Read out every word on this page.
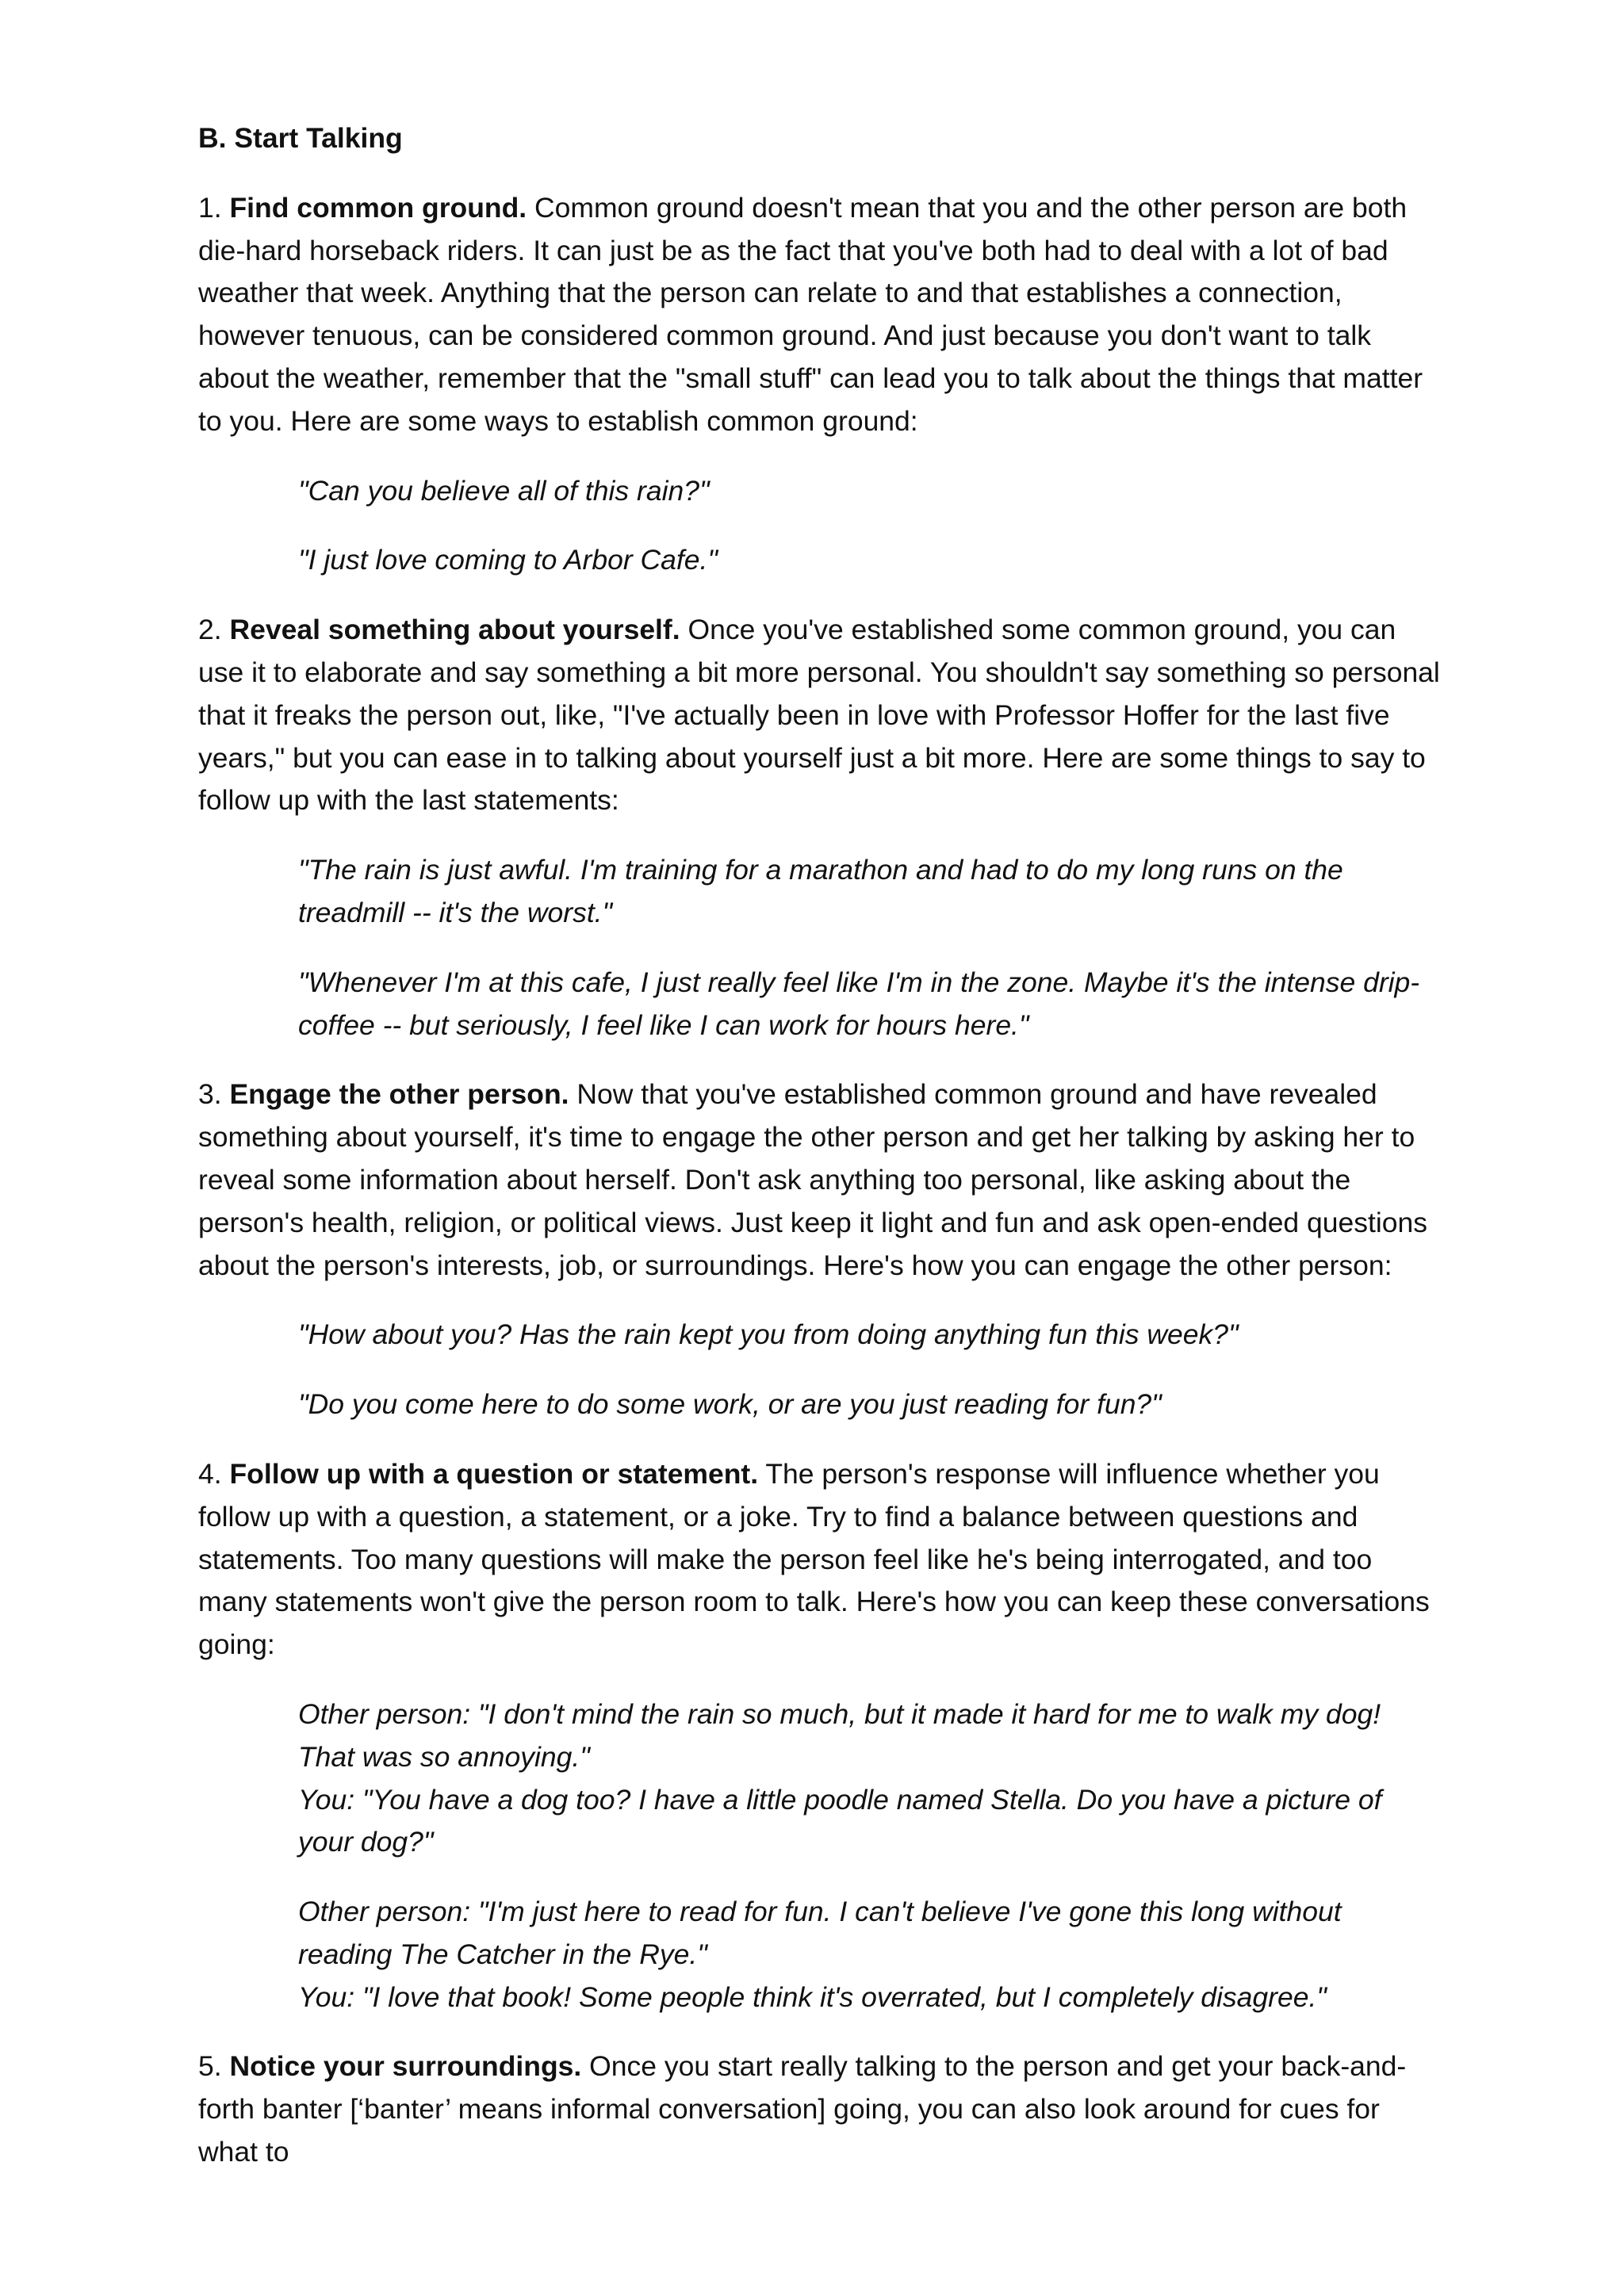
B. Start Talking
1. Find common ground. Common ground doesn't mean that you and the other person are both die-hard horseback riders. It can just be as the fact that you've both had to deal with a lot of bad weather that week. Anything that the person can relate to and that establishes a connection, however tenuous, can be considered common ground. And just because you don't want to talk about the weather, remember that the "small stuff" can lead you to talk about the things that matter to you. Here are some ways to establish common ground:
"Can you believe all of this rain?"
"I just love coming to Arbor Cafe."
2. Reveal something about yourself. Once you've established some common ground, you can use it to elaborate and say something a bit more personal. You shouldn't say something so personal that it freaks the person out, like, "I've actually been in love with Professor Hoffer for the last five years," but you can ease in to talking about yourself just a bit more. Here are some things to say to follow up with the last statements:
"The rain is just awful. I'm training for a marathon and had to do my long runs on the treadmill -- it's the worst."
"Whenever I'm at this cafe, I just really feel like I'm in the zone. Maybe it's the intense drip-coffee -- but seriously, I feel like I can work for hours here."
3. Engage the other person. Now that you've established common ground and have revealed something about yourself, it's time to engage the other person and get her talking by asking her to reveal some information about herself. Don't ask anything too personal, like asking about the person's health, religion, or political views. Just keep it light and fun and ask open-ended questions about the person's interests, job, or surroundings. Here's how you can engage the other person:
"How about you? Has the rain kept you from doing anything fun this week?"
"Do you come here to do some work, or are you just reading for fun?"
4. Follow up with a question or statement. The person's response will influence whether you follow up with a question, a statement, or a joke. Try to find a balance between questions and statements. Too many questions will make the person feel like he's being interrogated, and too many statements won't give the person room to talk. Here's how you can keep these conversations going:
Other person: "I don't mind the rain so much, but it made it hard for me to walk my dog! That was so annoying."
You: "You have a dog too? I have a little poodle named Stella. Do you have a picture of your dog?"
Other person: "I'm just here to read for fun. I can't believe I've gone this long without reading The Catcher in the Rye."
You: "I love that book! Some people think it's overrated, but I completely disagree."
5. Notice your surroundings. Once you start really talking to the person and get your back-and-forth banter [‘banter’ means informal conversation] going, you can also look around for cues for what to
